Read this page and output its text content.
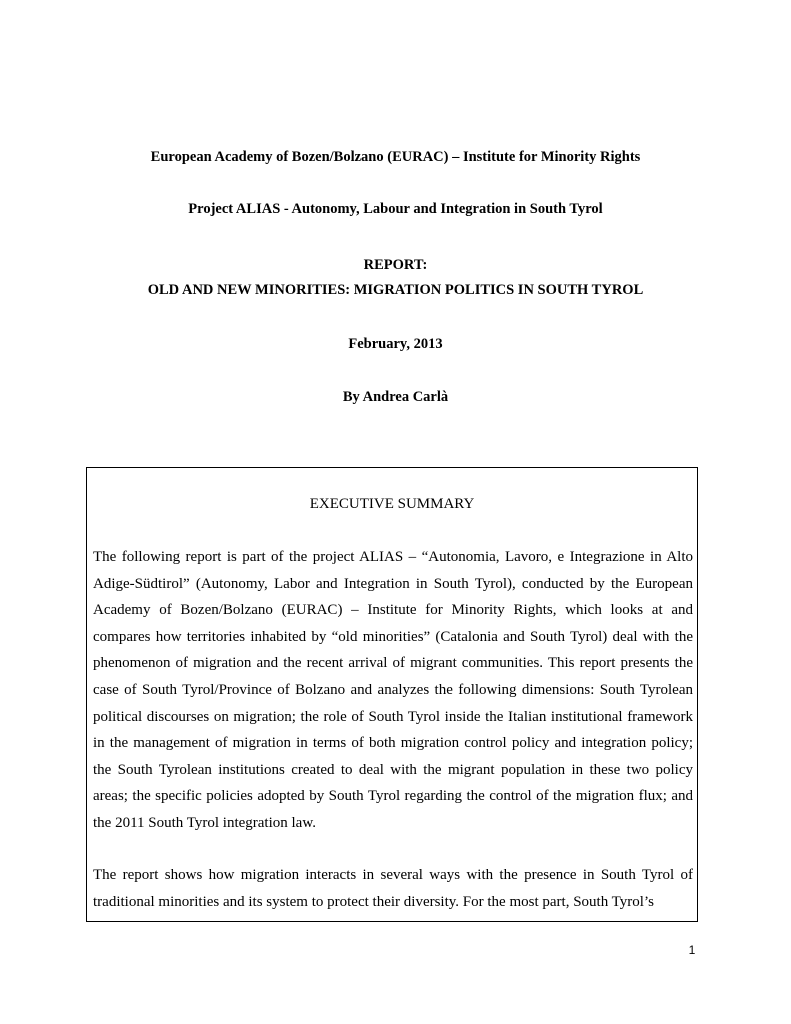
European Academy of Bozen/Bolzano (EURAC) – Institute for Minority Rights
Project ALIAS - Autonomy, Labour and Integration in South Tyrol
REPORT:
OLD AND NEW MINORITIES: MIGRATION POLITICS IN SOUTH TYROL
February, 2013
By Andrea Carlà
EXECUTIVE SUMMARY

The following report is part of the project ALIAS – “Autonomia, Lavoro, e Integrazione in Alto Adige-Südtirol” (Autonomy, Labor and Integration in South Tyrol), conducted by the European Academy of Bozen/Bolzano (EURAC) – Institute for Minority Rights, which looks at and compares how territories inhabited by “old minorities” (Catalonia and South Tyrol) deal with the phenomenon of migration and the recent arrival of migrant communities. This report presents the case of South Tyrol/Province of Bolzano and analyzes the following dimensions: South Tyrolean political discourses on migration; the role of South Tyrol inside the Italian institutional framework in the management of migration in terms of both migration control policy and integration policy; the South Tyrolean institutions created to deal with the migrant population in these two policy areas; the specific policies adopted by South Tyrol regarding the control of the migration flux; and the 2011 South Tyrol integration law.

The report shows how migration interacts in several ways with the presence in South Tyrol of traditional minorities and its system to protect their diversity. For the most part, South Tyrol’s

1
